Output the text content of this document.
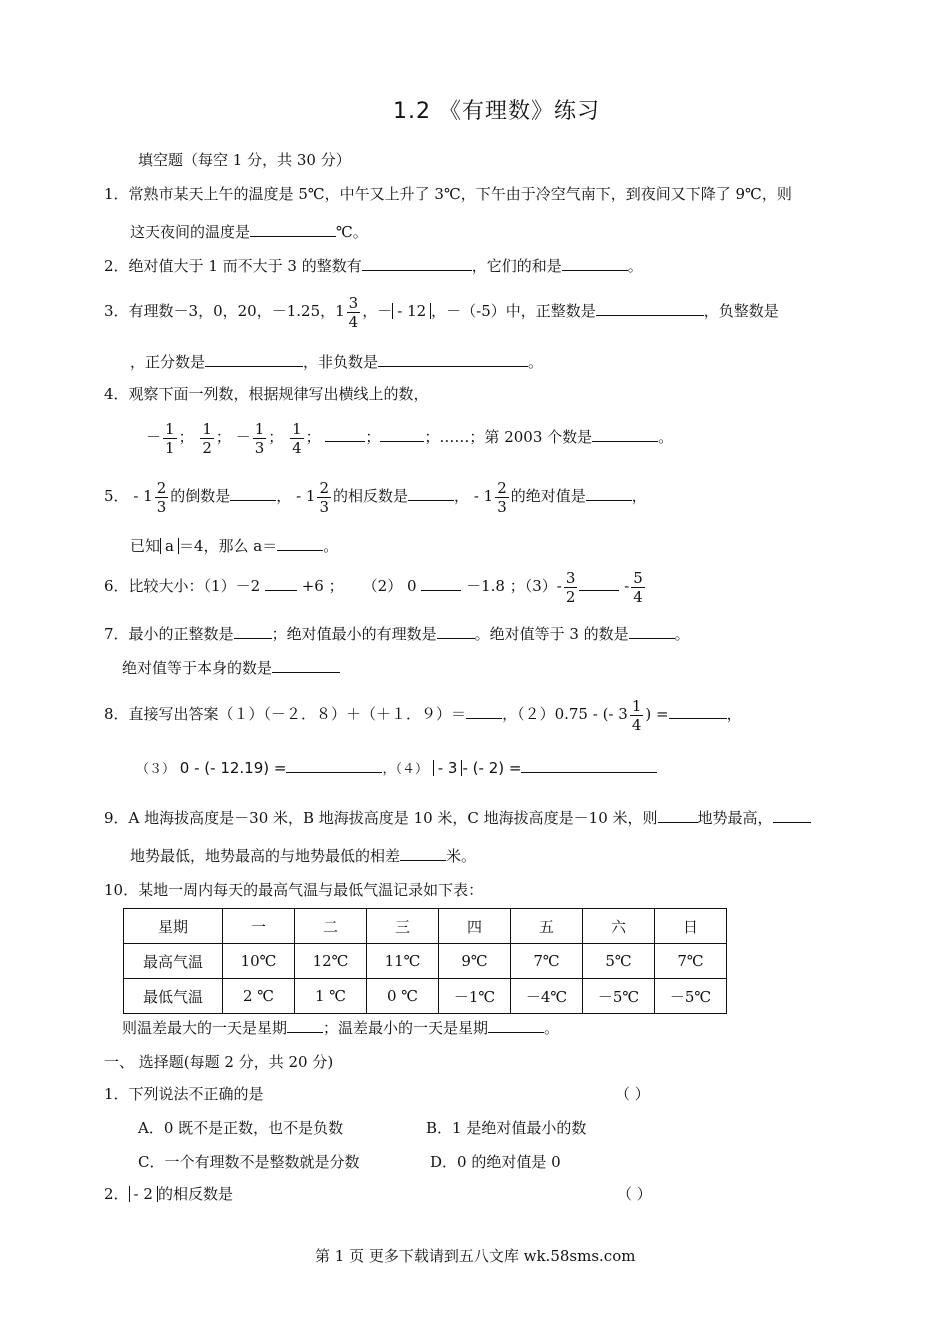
1.2 《有理数》练习
填空题（每空 1 分，共 30 分）
1．常熟市某天上午的温度是 5℃，中午又上升了 3℃，下午由于冷空气南下，到夜间又下降了 9℃，则
这天夜间的温度是	℃。
2．绝对值大于 1 而不大于 3 的整数有	，它们的和是	。
3．有理数－3，0，20，－1.25，$1 \frac{3}{4}$ ，－ - 12 ，－（-5）中，正整数是	，负整数是
，正分数是	，非负数是	。
4．观察下面一列数，根据规律写出横线上的数，
－ $\frac{1}{1}$ ； $\frac{1}{2}$ ； － $\frac{1}{3}$ ； $\frac{1}{4}$ ；	；	；……；第 2003 个数是	。
5． - $1 \frac{2}{3}$ 的倒数是	， - $1 \frac{2}{3}$ 的相反数是	， - $1 \frac{2}{3}$ 的绝对值是	，
已知 a ＝4，那么 a＝	。
6．比较大小：（1）－2	+6 ； （2） 0	－1.8 ；$(3)- \frac{3}{2}$	- $\frac{5}{4}$
7．最小的正整数是	；绝对值最小的有理数是	。绝对值等于 3 的数是	。
绝对值等于本身的数是
8．直接写出答案（１）（－２．８）＋（＋１．９）＝ ，（２）0.75 - (- $3 \frac{1}{4}$ ) =	，
（３） 0 - (- 12.19) =	，（４） - 3 - (- 2) =
9．A 地海拔高度是－30 米，B 地海拔高度是 10 米，C 地海拔高度是－10 米，则	地势最高，
地势最低，地势最高的与地势最低的相差	米。
10．某地一周内每天的最高气温与最低气温记录如下表：
星期	一	二	三	四	五	六	日
最高气温	10℃	12℃	11℃	9℃	7℃	5℃	7℃
最低气温	2 ℃	1 ℃	0 ℃	－1℃	－4℃	－5℃	－5℃
则温差最大的一天是星期 ；温差最小的一天是星期	。
一、 选择题(每题 2 分，共 20 分)
1．下列说法不正确的是	（ ）
A．0 既不是正数，也不是负数	B．1 是绝对值最小的数
C．一个有理数不是整数就是分数	D．0 的绝对值是 0
2． - 2 的相反数是	（ ）
第 1 页 更多下载请到五八文库 wk.58sms.com
